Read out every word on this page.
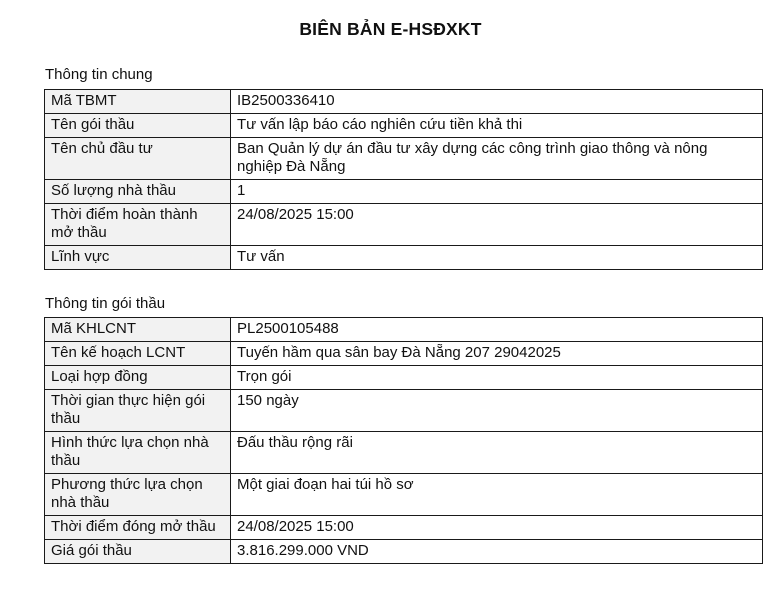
BIÊN BẢN E-HSĐXKT
Thông tin chung
Mã TBMT	IB2500336410
Tên gói thầu	Tư vấn lập báo cáo nghiên cứu tiền khả thi
Tên chủ đầu tư	Ban Quản lý dự án đầu tư xây dựng các công trình giao thông và nông nghiệp Đà Nẵng
Số lượng nhà thầu	1
Thời điểm hoàn thành mở thầu	24/08/2025 15:00
Lĩnh vực	Tư vấn
Thông tin gói thầu
Mã KHLCNT	PL2500105488
Tên kế hoạch LCNT	Tuyến hầm qua sân bay Đà Nẵng 207 29042025
Loại hợp đồng	Trọn gói
Thời gian thực hiện gói thầu	150 ngày
Hình thức lựa chọn nhà thầu	Đấu thầu rộng rãi
Phương thức lựa chọn nhà thầu	Một giai đoạn hai túi hồ sơ
Thời điểm đóng mở thầu	24/08/2025 15:00
Giá gói thầu	3.816.299.000 VND
